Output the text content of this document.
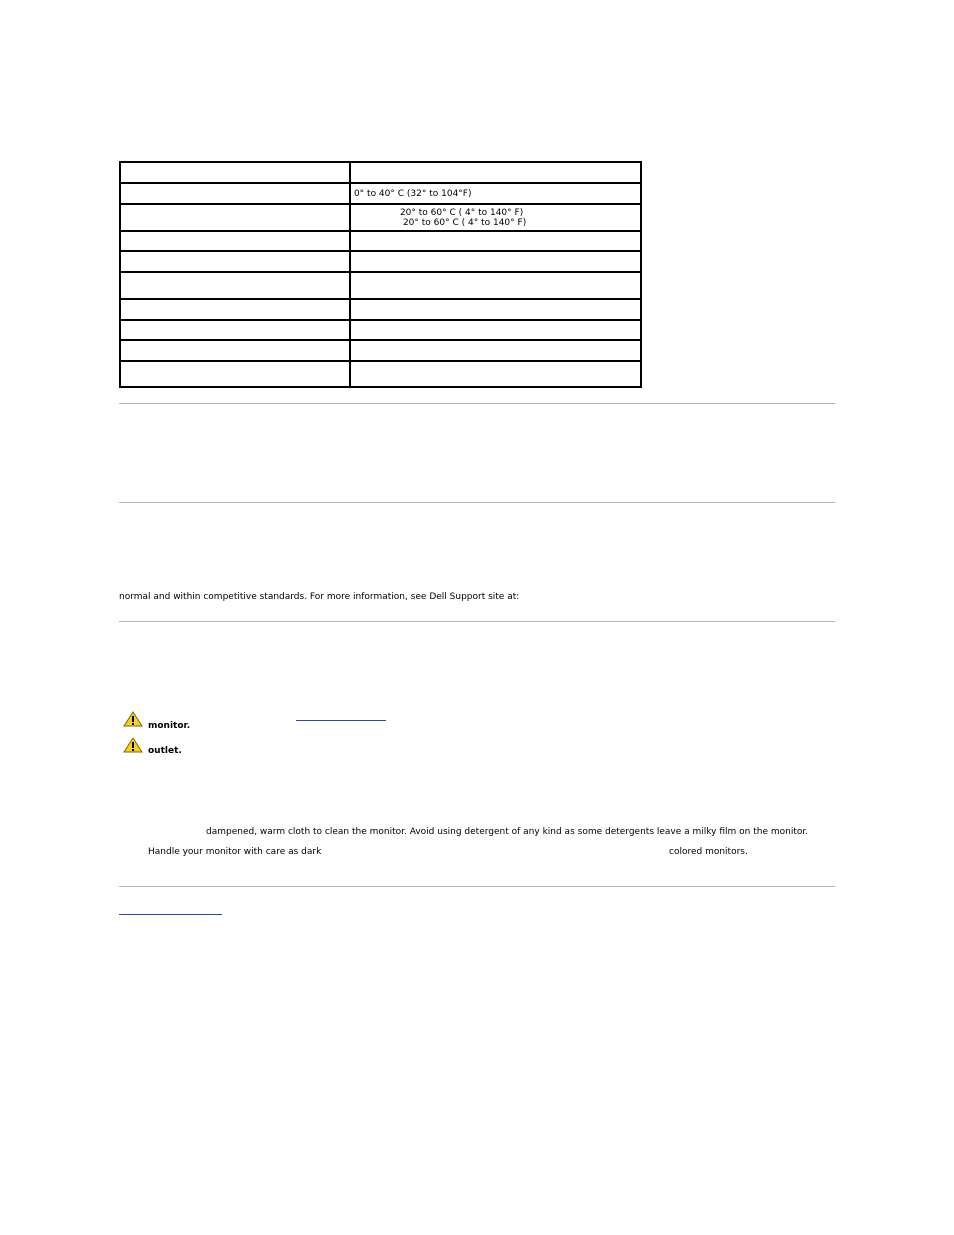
	0° to 40° C (32° to 104°F)

	20° to 60° C ( 4° to 140° F)
20° to 60° C ( 4° to 140° F)

normal and within competitive standards. For more information, see Dell Support site at:
monitor.
outlet.
dampened, warm cloth to clean the monitor. Avoid using detergent of any kind as some detergents leave a milky film on the monitor.
Handle your monitor with care as dark	colored monitors.
